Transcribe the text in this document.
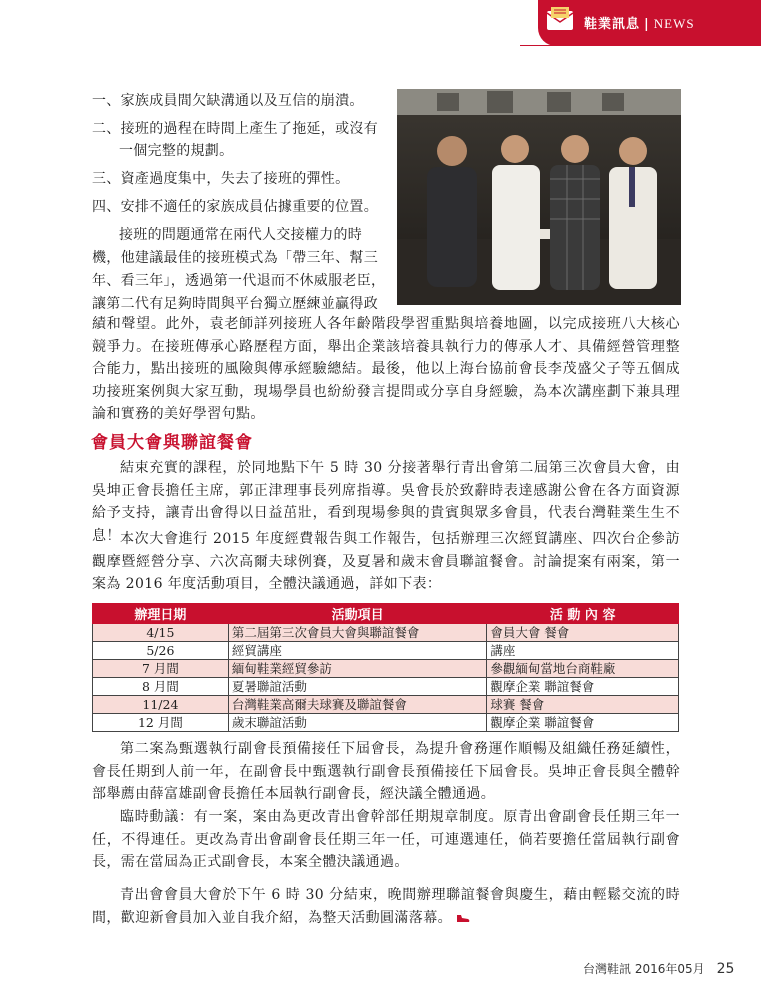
鞋業訊息 | NEWS
一、家族成員間欠缺溝通以及互信的崩潰。
二、接班的過程在時間上產生了拖延，或沒有
一個完整的規劃。
三、資產過度集中，失去了接班的彈性。
四、安排不適任的家族成員佔據重要的位置。
接班的問題通常在兩代人交接權力的時
機，他建議最佳的接班模式為「帶三年、幫三
年、看三年」，透過第一代退而不休威服老臣，
讓第二代有足夠時間與平台獨立歷練並贏得政

績和聲望。此外，袁老師詳列接班人各年齡階段學習重點與培養地圖，以完成接班八大核心競爭力。在接班傳承心路歷程方面，舉出企業該培養具執行力的傳承人才、具備經營管理整合能力，點出接班的風險與傳承經驗總結。最後，他以上海台協前會長李茂盛父子等五個成功接班案例與大家互動，現場學員也紛紛發言提問或分享自身經驗，為本次講座劃下兼具理論和實務的美好學習句點。

會員大會與聯誼餐會

結束充實的課程，於同地點下午 5 時 30 分接著舉行青出會第二屆第三次會員大會，由吳坤正會長擔任主席，郭正津理事長列席指導。吳會長於致辭時表達感謝公會在各方面資源給予支持，讓青出會得以日益茁壯，看到現場參與的貴賓與眾多會員，代表台灣鞋業生生不息！ 本次大會進行 2015 年度經費報告與工作報告，包括辦理三次經貿講座、四次台企參訪觀摩暨經營分享、六次高爾夫球例賽，及夏暑和歲末會員聯誼餐會。討論提案有兩案，第一案為 2016 年度活動項目，全體決議通過，詳如下表：

辦理日期	活動項目	活 動 內 容
4/15	第二屆第三次會員大會與聯誼餐會	會員大會 餐會
5/26	經貿講座	講座
7 月間	緬甸鞋業經貿參訪	參觀緬甸當地台商鞋廠
8 月間	夏暑聯誼活動	觀摩企業 聯誼餐會
11/24	台灣鞋業高爾夫球賽及聯誼餐會	球賽 餐會
12 月間	歲末聯誼活動	觀摩企業 聯誼餐會

第二案為甄選執行副會長預備接任下屆會長，為提升會務運作順暢及組織任務延續性，會長任期到人前一年，在副會長中甄選執行副會長預備接任下屆會長。吳坤正會長與全體幹部舉薦由薛富雄副會長擔任本屆執行副會長，經決議全體通過。

臨時動議：有一案，案由為更改青出會幹部任期規章制度。原青出會副會長任期三年一任，不得連任。更改為青出會副會長任期三年一任，可連選連任，倘若要擔任當屆執行副會長，需在當屆為正式副會長，本案全體決議通過。

青出會會員大會於下午 6 時 30 分結束，晚間辦理聯誼餐會與慶生，藉由輕鬆交流的時間，歡迎新會員加入並自我介紹，為整天活動圓滿落幕。

台灣鞋訊 2016年05月 25
